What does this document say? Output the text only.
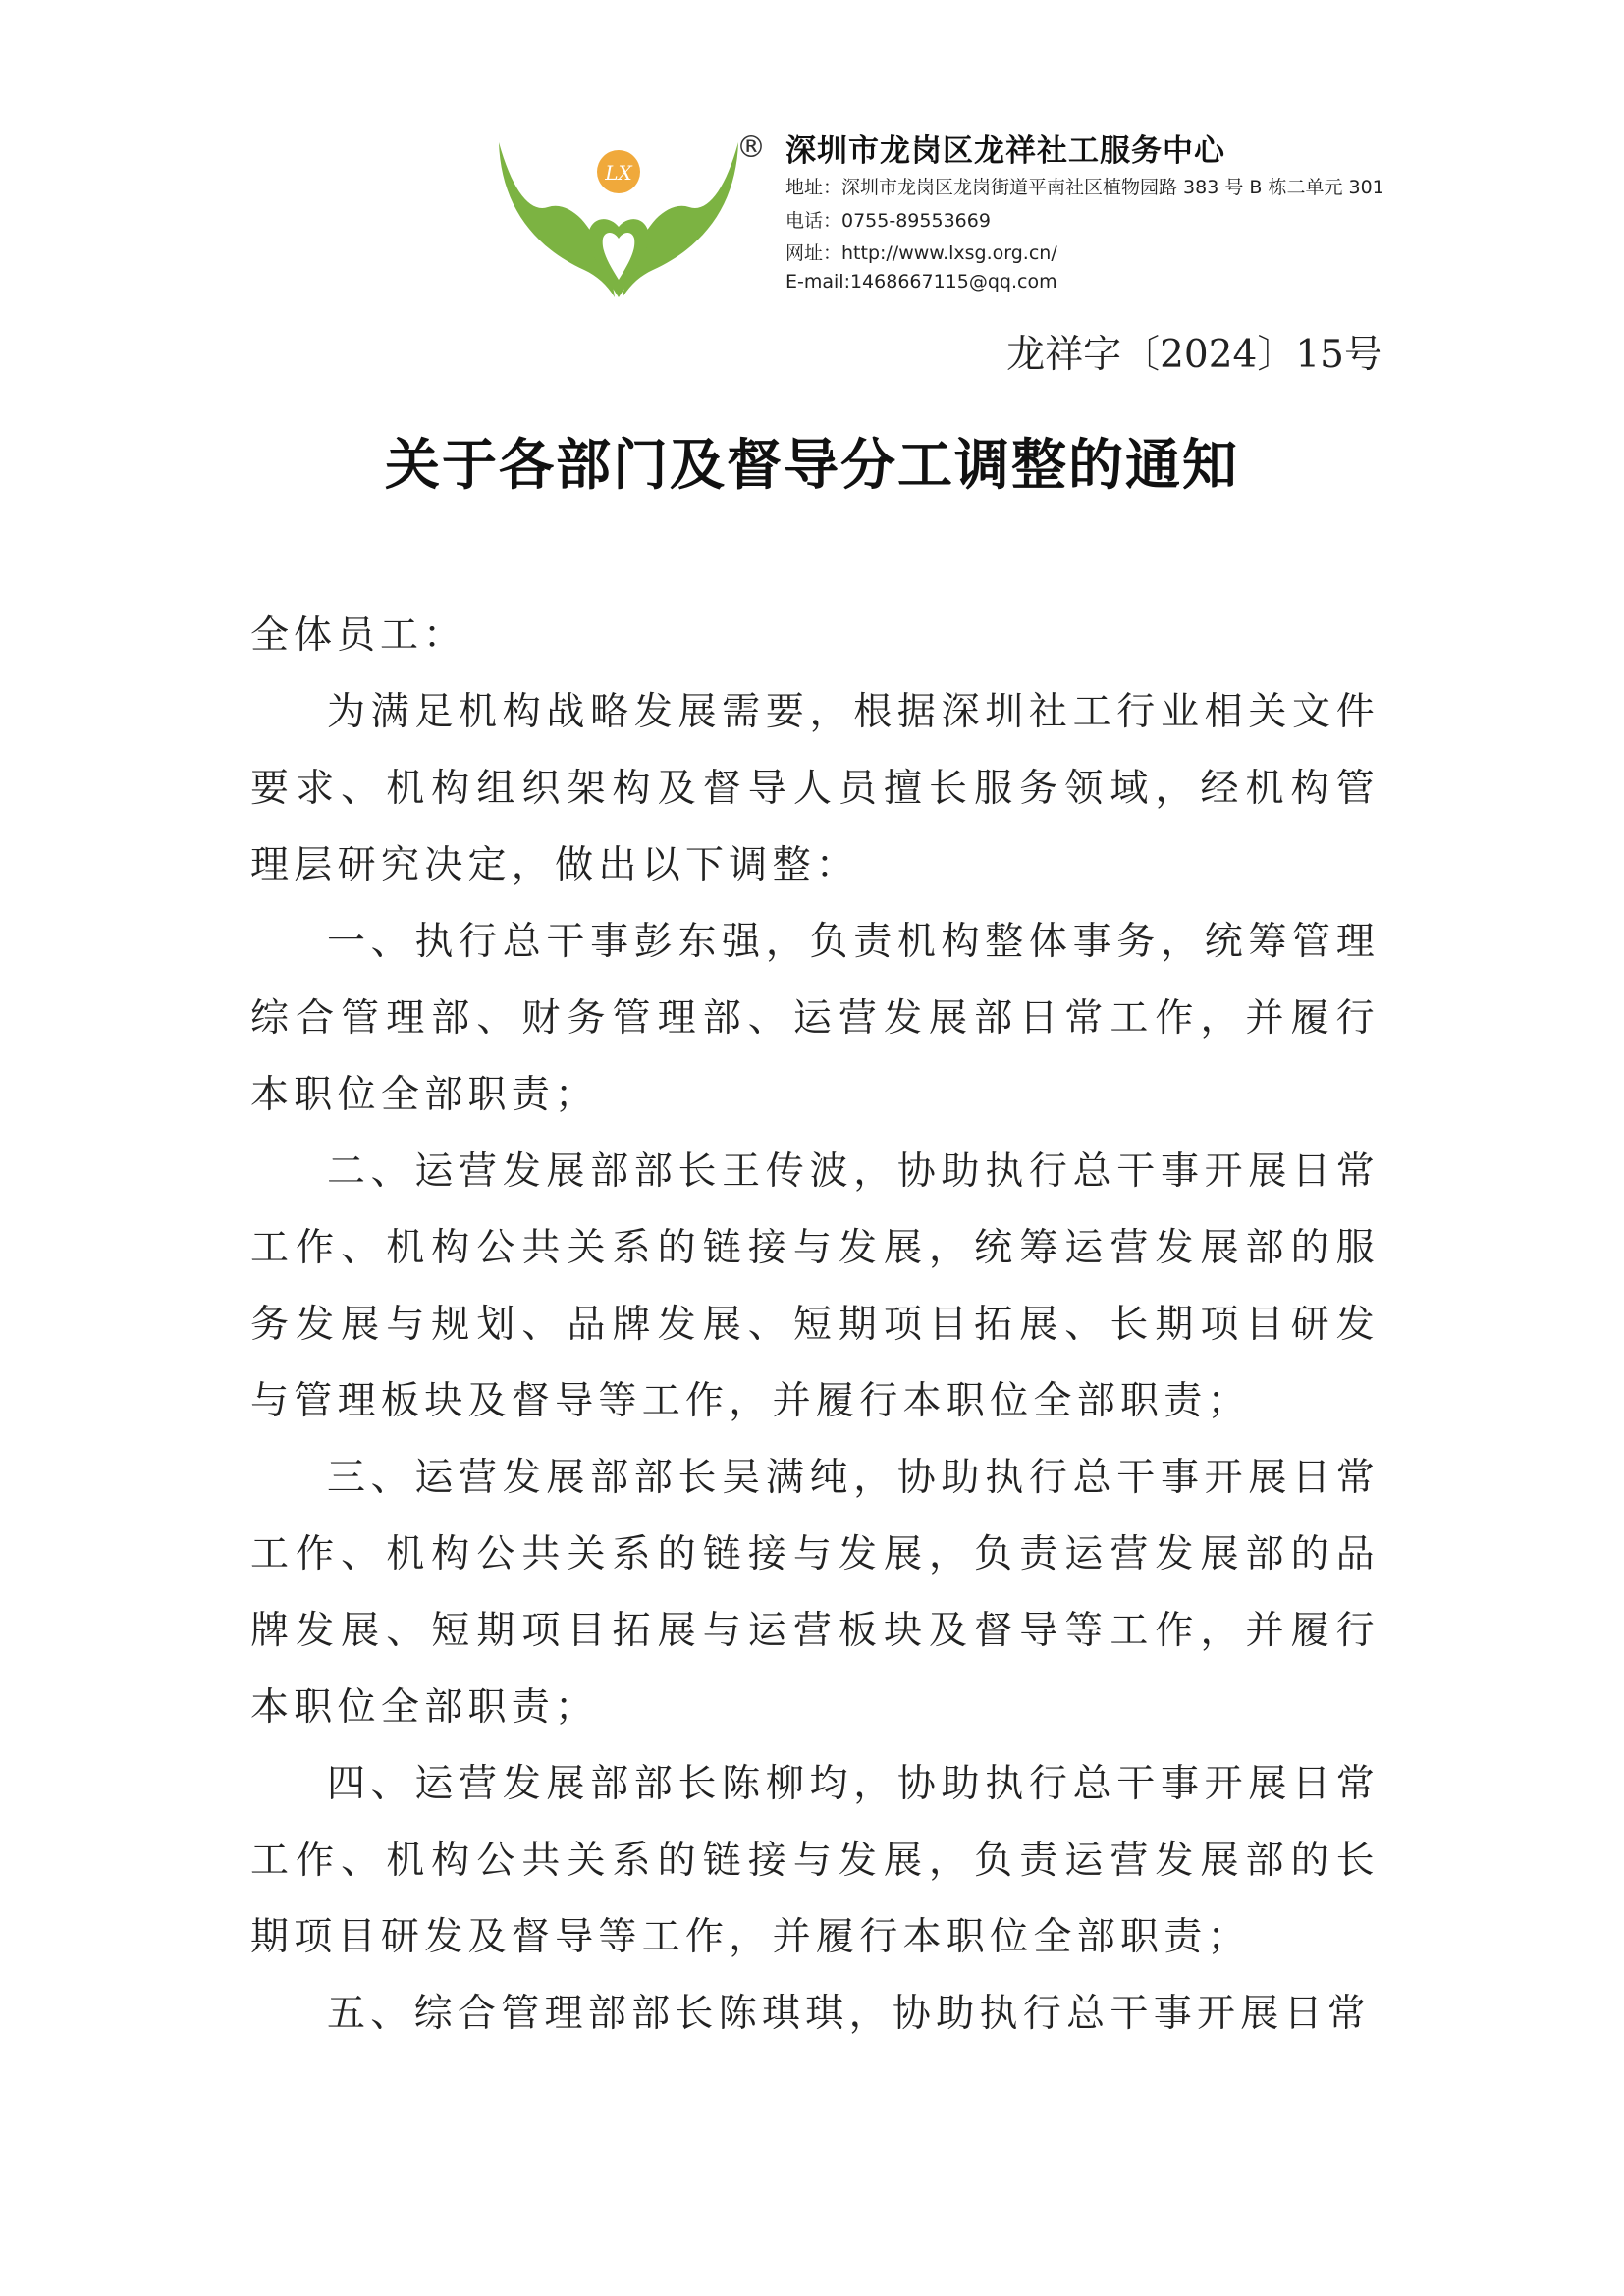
LX
® 深圳市龙岗区龙祥社工服务中心
地址：深圳市龙岗区龙岗街道平南社区植物园路 383 号 B 栋二单元 301
电话：0755-89553669
网址：http://www.lxsg.org.cn/
E-mail:1468667115@qq.com
龙祥字〔2024〕15号
关于各部门及督导分工调整的通知
全体员工：

为满足机构战略发展需要，根据深圳社工行业相关文件要求、机构组织架构及督导人员擅长服务领域，经机构管理层研究决定，做出以下调整：

一、执行总干事彭东强，负责机构整体事务，统筹管理综合管理部、财务管理部、运营发展部日常工作，并履行本职位全部职责；

二、运营发展部部长王传波，协助执行总干事开展日常工作、机构公共关系的链接与发展，统筹运营发展部的服务发展与规划、品牌发展、短期项目拓展、长期项目研发与管理板块及督导等工作，并履行本职位全部职责；

三、运营发展部部长吴满纯，协助执行总干事开展日常工作、机构公共关系的链接与发展，负责运营发展部的品牌发展、短期项目拓展与运营板块及督导等工作，并履行本职位全部职责；

四、运营发展部部长陈柳均，协助执行总干事开展日常工作、机构公共关系的链接与发展，负责运营发展部的长期项目研发及督导等工作，并履行本职位全部职责；

五、综合管理部部长陈琪琪，协助执行总干事开展日常
